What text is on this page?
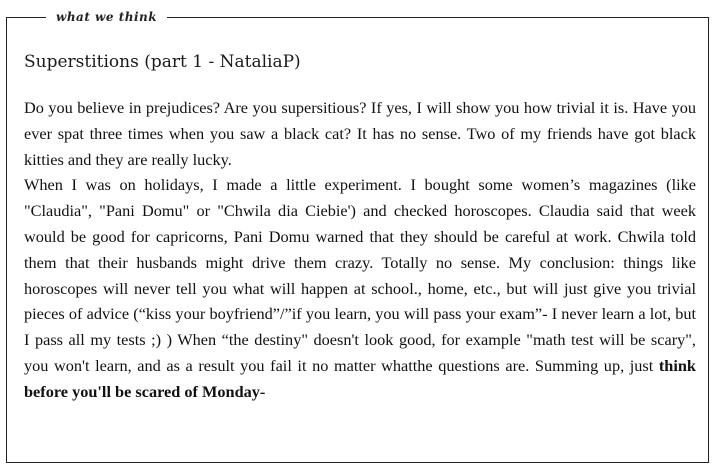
what we think
Superstitions (part 1 - NataliaP)

Do you believe in prejudices? Are you supersitious? If yes, I will show you how trivial it is. Have you ever spat three times when you saw a black cat? It has no sense. Two of my friends have got black kitties and they are really lucky.

When I was on holidays, I made a little experiment. I bought some women’s magazines (like "Claudia", "Pani Domu" or "Chwila dia Ciebie') and checked horoscopes. Claudia said that week would be good for capricorns, Pani Domu warned that they should be careful at work. Chwila told them that their husbands might drive them crazy. Totally no sense. My conclusion: things like horoscopes will never tell you what will happen at school., home, etc., but will just give you trivial pieces of advice (“kiss your boyfriend”/”if you learn, you will pass your exam”- I never learn a lot, but I pass all my tests ;) ) When “the destiny" doesn't look good, for example "math test will be scary", you won't learn, and as a result you fail it no matter whatthe questions are. Summing up, just think before you'll be scared of Monday-
